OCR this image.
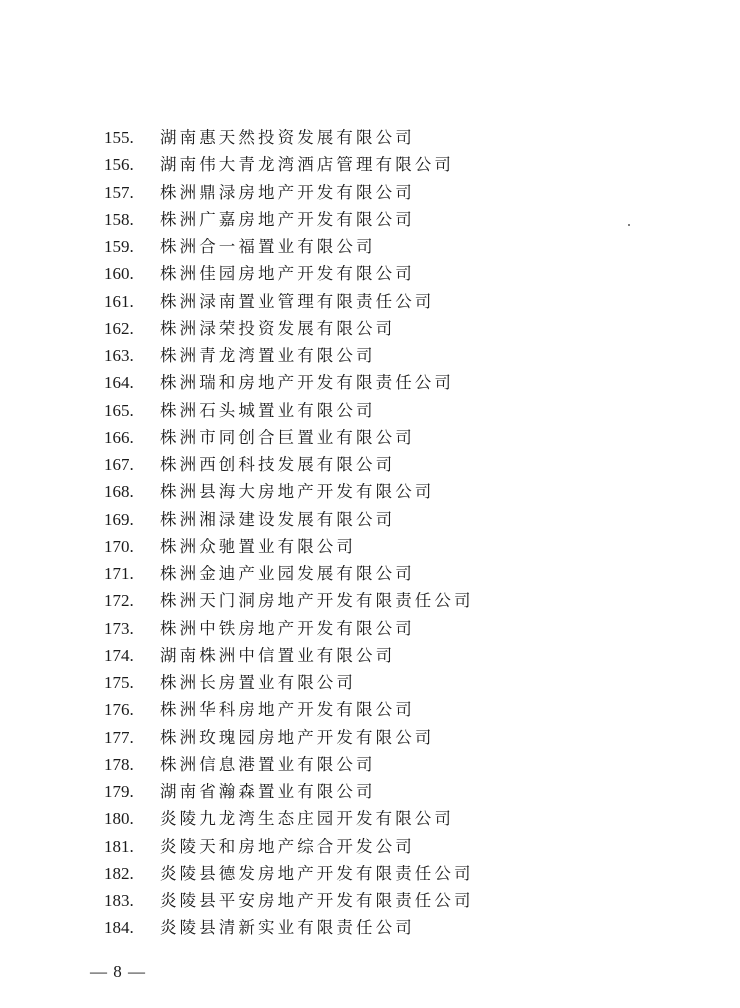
155. 湖南惠天然投资发展有限公司
156. 湖南伟大青龙湾酒店管理有限公司
157. 株洲鼎渌房地产开发有限公司
158. 株洲广嘉房地产开发有限公司
159. 株洲合一福置业有限公司
160. 株洲佳园房地产开发有限公司
161. 株洲渌南置业管理有限责任公司
162. 株洲渌荣投资发展有限公司
163. 株洲青龙湾置业有限公司
164. 株洲瑞和房地产开发有限责任公司
165. 株洲石头城置业有限公司
166. 株洲市同创合巨置业有限公司
167. 株洲西创科技发展有限公司
168. 株洲县海大房地产开发有限公司
169. 株洲湘渌建设发展有限公司
170. 株洲众驰置业有限公司
171. 株洲金迪产业园发展有限公司
172. 株洲天门洞房地产开发有限责任公司
173. 株洲中铁房地产开发有限公司
174. 湖南株洲中信置业有限公司
175. 株洲长房置业有限公司
176. 株洲华科房地产开发有限公司
177. 株洲玫瑰园房地产开发有限公司
178. 株洲信息港置业有限公司
179. 湖南省瀚森置业有限公司
180. 炎陵九龙湾生态庄园开发有限公司
181. 炎陵天和房地产综合开发公司
182. 炎陵县德发房地产开发有限责任公司
183. 炎陵县平安房地产开发有限责任公司
184. 炎陵县清新实业有限责任公司
— 8 —
